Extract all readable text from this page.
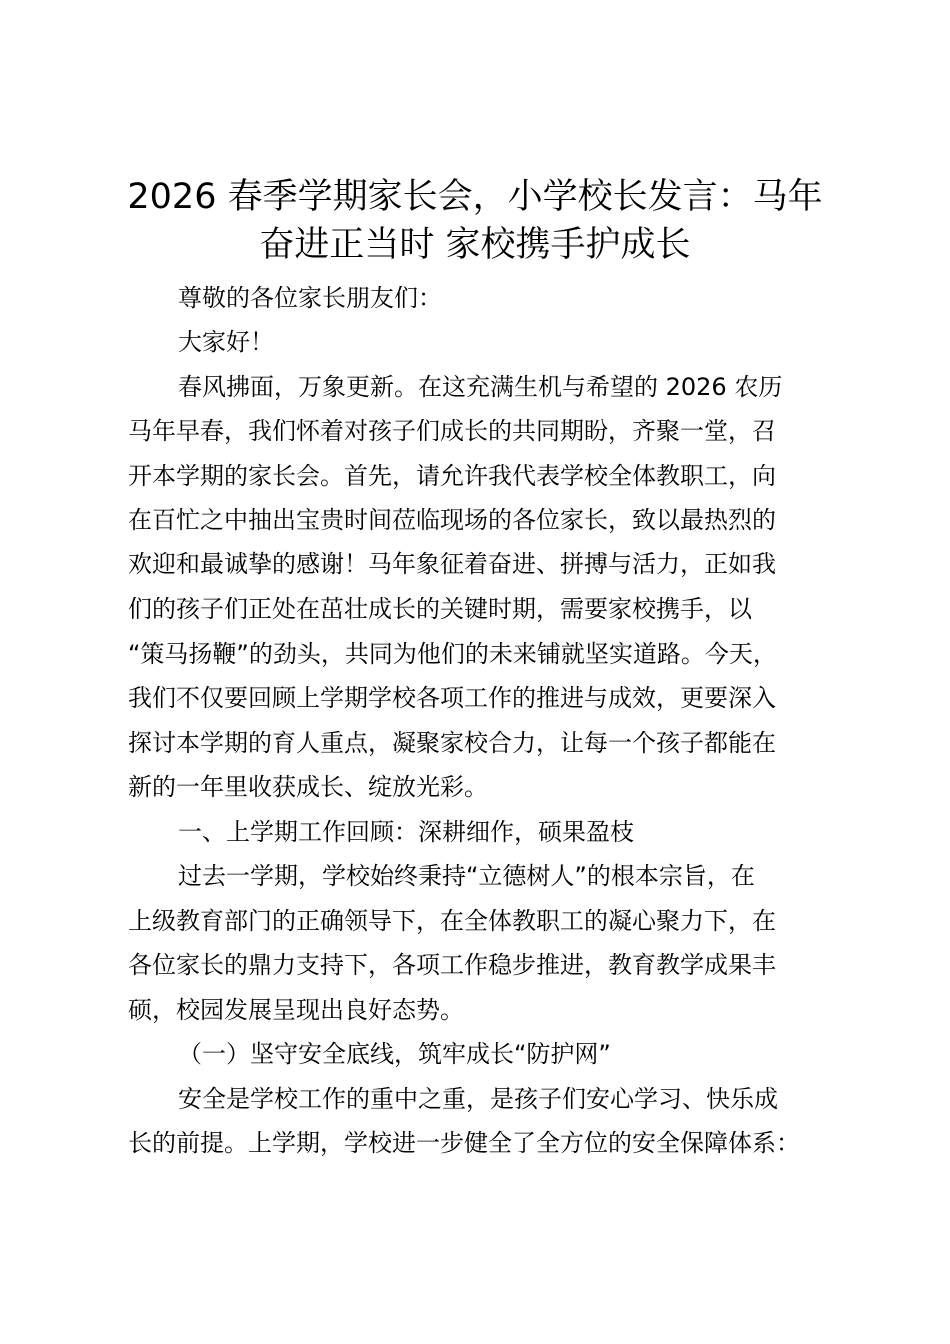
2026 春季学期家长会，小学校长发言：马年
奋进正当时 家校携手护成长
尊敬的各位家长朋友们：
大家好！
春风拂面，万象更新。在这充满生机与希望的 2026 农历
马年早春，我们怀着对孩子们成长的共同期盼，齐聚一堂，召
开本学期的家长会。首先，请允许我代表学校全体教职工，向
在百忙之中抽出宝贵时间莅临现场的各位家长，致以最热烈的
欢迎和最诚挚的感谢！马年象征着奋进、拼搏与活力，正如我
们的孩子们正处在茁壮成长的关键时期，需要家校携手，以
“策马扬鞭”的劲头，共同为他们的未来铺就坚实道路。今天，
我们不仅要回顾上学期学校各项工作的推进与成效，更要深入
探讨本学期的育人重点，凝聚家校合力，让每一个孩子都能在
新的一年里收获成长、绽放光彩。
一、上学期工作回顾：深耕细作，硕果盈枝
过去一学期，学校始终秉持“立德树人”的根本宗旨，在
上级教育部门的正确领导下，在全体教职工的凝心聚力下，在
各位家长的鼎力支持下，各项工作稳步推进，教育教学成果丰
硕，校园发展呈现出良好态势。
（一）坚守安全底线，筑牢成长“防护网”
安全是学校工作的重中之重，是孩子们安心学习、快乐成
长的前提。上学期，学校进一步健全了全方位的安全保障体系：
